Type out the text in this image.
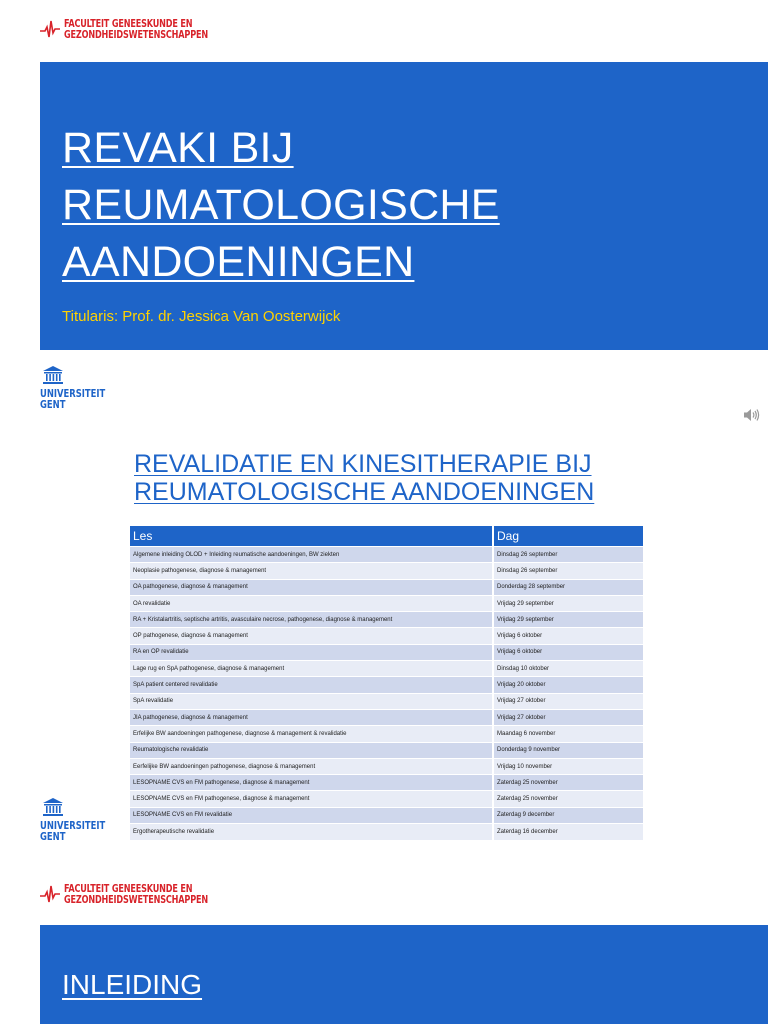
FACULTEIT GENEESKUNDE EN
GEZONDHEIDSWETENSCHAPPEN
REVAKI BIJ
REUMATOLOGISCHE
AANDOENINGEN
Titularis: Prof. dr. Jessica Van Oosterwijck
UNIVERSITEIT
GENT
REVALIDATIE EN KINESITHERAPIE BIJ
REUMATOLOGISCHE AANDOENINGEN
Les	Dag
Algemene inleiding OLOD + Inleiding reumatische aandoeningen, BW ziekten	Dinsdag 26 september
Neoplasie pathogenese, diagnose & management	Dinsdag 26 september
OA pathogenese, diagnose & management	Donderdag 28 september
OA revalidatie	Vrijdag 29 september
RA + Kristalartritis, septische artritis, avasculaire necrose, pathogenese, diagnose & management	Vrijdag 29 september
OP pathogenese, diagnose & management	Vrijdag 6 oktober
RA en OP revalidatie	Vrijdag 6 oktober
Lage rug en SpA pathogenese, diagnose & management	Dinsdag 10 oktober
SpA patient centered revalidatie	Vrijdag 20 oktober
SpA revalidatie	Vrijdag 27 oktober
JIA pathogenese, diagnose & management	Vrijdag 27 oktober
Erfelijke BW aandoeningen pathogenese, diagnose & management & revalidatie	Maandag 6 november
Reumatologische revalidatie	Donderdag 9 november
Eerfelijke BW aandoeningen pathogenese, diagnose & management	Vrijdag 10 november
LESOPNAME CVS en FM pathogenese, diagnose & management	Zaterdag 25 november
LESOPNAME CVS en FM pathogenese, diagnose & management	Zaterdag 25 november
LESOPNAME CVS en FM revalidatie	Zaterdag 9 december
Ergotherapeutische revalidatie	Zaterdag 16 december
UNIVERSITEIT
GENT
FACULTEIT GENEESKUNDE EN
GEZONDHEIDSWETENSCHAPPEN
INLEIDING
